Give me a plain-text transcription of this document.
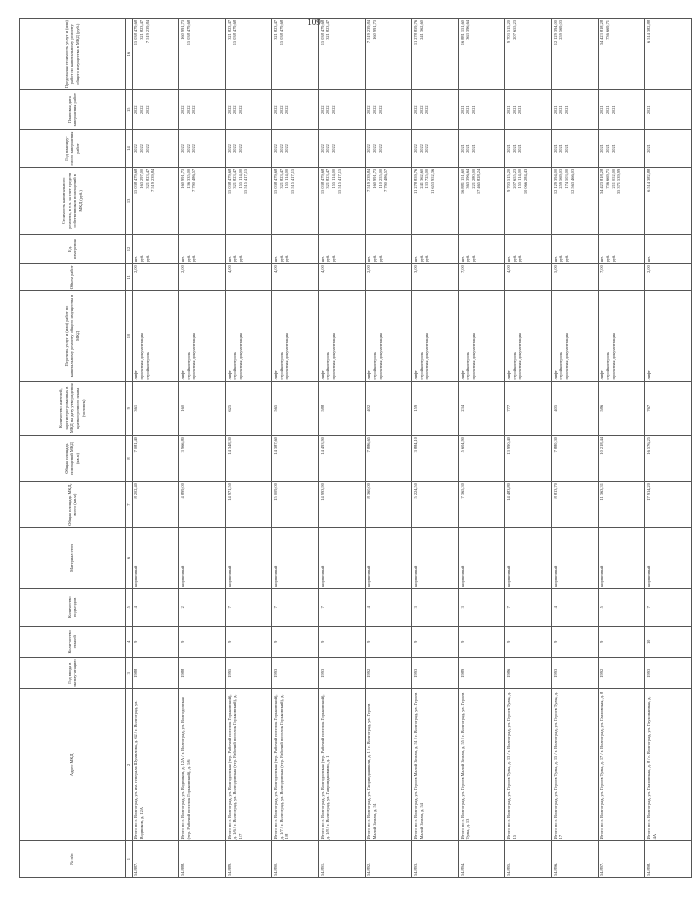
109
№ п/п	Адрес МКД	Год ввода в эксплу-атацию	Коли-чество этажей	Количество подъездов	Материал стен	Общая площадь МКД, всего (кв.м)	Общая площадь помещений МКД (кв.м)	Количество жителей, зарегистри-рованных в МКД на дату утверждения краткосрочного плана (человек)	Перечень услуг и (или) работ по капитальному ремонту общего имущества в МКД	Объем работ	Ед. измерения	Стоимость капитального ремонта, в т.ч. за счет средств собственников помещений в МКД (руб.)	Год планиру-емого завершения работ	Плановая дата завершения работ	Предельная стоимость услуг и (или) работ по капитальному ремонту общего имущества в МКД (руб.)
1	2	3	4	5	6	7	8	9	10	11	12	13	14	15	16
54.887.	Итого по г. Волгоград, ул. им. генерала Шумилова, д. 62 / г. Волгоград, ул. Водников, д. 12А	1988	9	4	кирпичный	8 202,40	7 081,40	361	лифт проектная документация стройконтроль	2,00	шт. руб. руб.	15 038 479,68 163 297,00 321 823,47 7 519 239,84	2022 2022 2022	2022 2022 2022	15 038 479,68 321 823,47 7 519 239,84

54.888.	Итого по г. Волгоград, ул. Водников, д. 12А / г. Волгоград, ул. Волгодонская (тер. Рабочий поселок Горьковский), д. 1/6	1988	9	2	кирпичный	4 899,00	3 966,80	160	лифт стройконтроль проектная документация	2,00	шт. руб. руб.	160 991,73 136 335,00 7 790 486,57	2022 2022 2022	2022 2022 2022	160 991,73 15 038 479,68

54.889.	Итого по г. Волгоград, ул. Волгодонская (тер. Рабочий поселок Горьковский), д. 1/6 / г. Волгоград, ул. Волгодонская (тер. Рабочий поселок Горьковский), д. 1/7	1995	9	7	кирпичный	14 971,50	14 348,30	625	лифт стройконтроль проектная документация	4,00	шт. руб. руб.	15 038 479,68 321 823,47 155 114,00 15 515 417,15	2022 2022 2022	2022 2022 2022	321 823,47 15 038 479,68

54.890.	Итого по г. Волгоград, ул. Волгодонская (тер. Рабочий поселок Горьковский), д. 1/7 / г. Волгоград, ул. Волгодонская (тер. Рабочий поселок Горьковский), д. 1/8	1993	9	7	кирпичный	15 009,00	14 387,60	565	лифт стройконтроль проектная документация	4,00	шт. руб. руб.	15 038 479,68 321 823,47 155 114,00 15 515 417,15	2022 2022 2022	2022 2022 2022	321 823,47 15 038 479,68

54.891.	Итого по г. Волгоград, ул. Волгодонская (тер. Рабочий поселок Горьковский), д. 1/8 / г. Волгоград, ул. Гаприндашвили, д. 1	1993	9	7	кирпичный	14 993,90	14 493,90	588	лифт стройконтроль проектная документация	4,00	шт. руб. руб.	15 038 479,68 321 823,47 155 114,00 15 515 417,15	2022 2022 2022	2022 2022 2022	15 038 479,68 321 823,47

54.892.	Итого по г. Волгоград, ул. Гаприндашвили, д. 1 / г. Волгоград, ул. Героев Малой Земли, д. 51	1992	9	4	кирпичный	8 360,00	7 886,65	402	лифт стройконтроль проектная документация	2,00	шт. руб. руб.	7 519 239,84 160 991,73 110 255,00 7 790 486,57	2022 2022 2022	2022 2022 2022	7 519 239,84 160 991,73

54.893.	Итого по г. Волгоград, ул. Героев Малой Земли, д. 51 / г. Волгоград, ул. Героев Малой Земли, д. 54	1993	9	3	кирпичный	5 224,50	3 884,10	159	лифт стройконтроль проектная документация	3,00	шт. руб. руб.	11 278 859,76 241 362,60 133 725,00 11 653 952,36	2022 2022 2022	2022 2022 2022	11 278 859,76 241 362,60

54.894.	Итого по г. Волгоград, ул. Героев Малой Земли, д. 55 / г. Волгоград, ул. Героев Тулы, д. 13	1989	9	3	кирпичный	7 365,30	5 604,90	234	лифт стройконтроль проектная документация	7,00	шт. руб. руб.	16 881 151,60 363 396,64 221 280,00 17 465 828,24	2021 2021 2021	2021 2021 2021	16 881 151,60 363 396,64

54.895.	Итого по г. Волгоград, ул. Героев Тулы, д. 13 / г. Волгоград, ул. Героев Тулы, д. 15	1986	9	7	кирпичный	14 483,80	13 990,40	777	лифт стройконтроль проектная документация	4,00	шт. руб. руб.	9 703 515,20 207 655,23 155 114,00 10 066 284,43	2021 2021 2021	2021 2021 2021	9 703 515,20 207 655,23

54.896.	Итого по г. Волгоград, ул. Героев Тулы, д. 15 / г. Волгоград, ул. Героев Тулы, д. 17	1993	9	4	кирпичный	8 813,70	7 880,30	405	лифт стройконтроль проектная документация	5,00	шт. руб. руб.	12 129 394,00 259 569,03 174 503,00 12 563 466,03	2021 2021 2021	2021 2021 2021	12 129 394,00 259 569,03

54.897.	Итого по г. Волгоград, ул. Героев Тулы, д. 17 / г. Волгоград, ул. Глазовская, д. 8	1992	9	5	кирпичный	11 363,31	10 218,44	586	лифт стройконтроль проектная документация	7,00	шт. руб. руб.	34 423 818,28 736 669,71 211 052,00 35 371 539,99	2021 2021 2021	2021 2021 2021	34 423 818,28 736 669,71

54.898.	Итого по г. Волгоград, ул. Глазовская, д. 8 / г. Волгоград, ул. Глухоманная, д. 4А	1993	10	7	кирпичный	17 914,20	16 576,25	767	лифт	2,00	шт.	6 514 382,88	2021	2021	6 514 382,88
